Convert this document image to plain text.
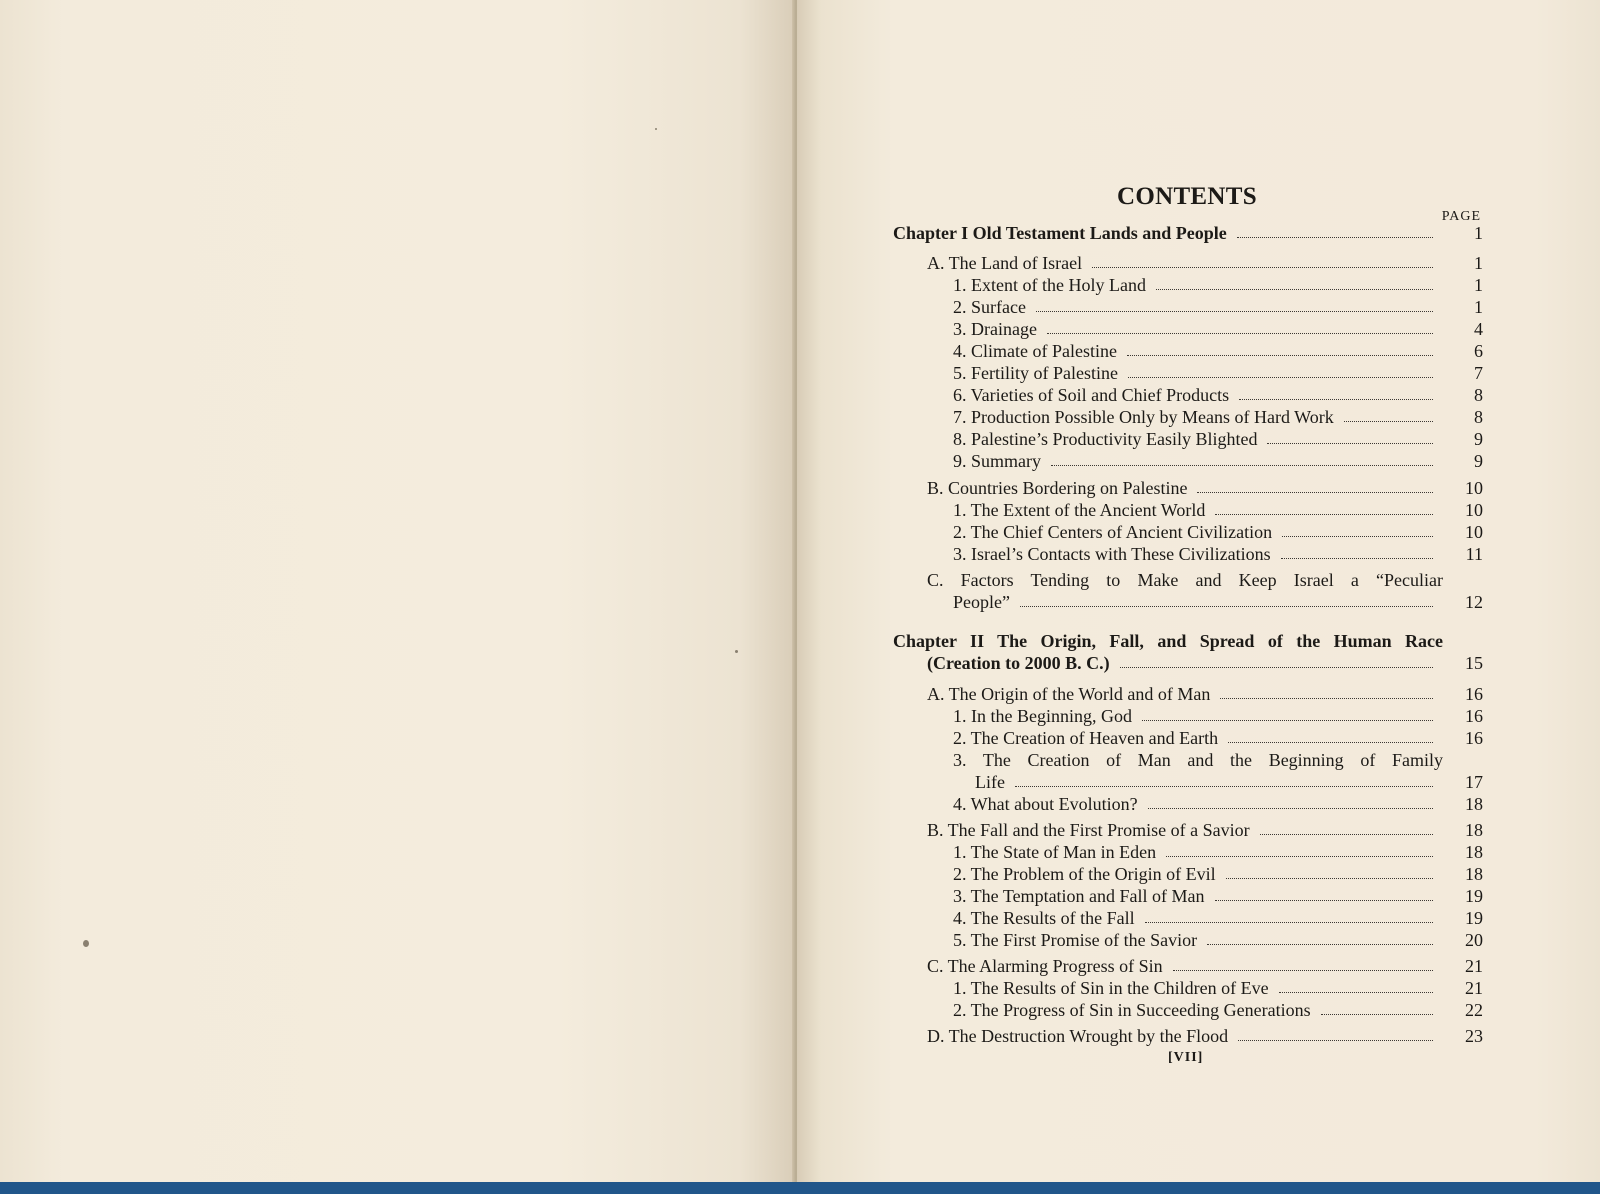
CONTENTS
PAGE
Chapter I Old Testament Lands and People	1
A. The Land of Israel	1
1. Extent of the Holy Land	1
2. Surface	1
3. Drainage	4
4. Climate of Palestine	6
5. Fertility of Palestine	7
6. Varieties of Soil and Chief Products	8
7. Production Possible Only by Means of Hard Work	8
8. Palestine’s Productivity Easily Blighted	9
9. Summary	9
B. Countries Bordering on Palestine	10
1. The Extent of the Ancient World	10
2. The Chief Centers of Ancient Civilization	10
3. Israel’s Contacts with These Civilizations	11
C. Factors Tending to Make and Keep Israel a “Peculiar
People”	12
Chapter II The Origin, Fall, and Spread of the Human Race
(Creation to 2000 B. C.)	15
A. The Origin of the World and of Man	16
1. In the Beginning, God	16
2. The Creation of Heaven and Earth	16
3. The Creation of Man and the Beginning of Family
Life	17
4. What about Evolution?	18
B. The Fall and the First Promise of a Savior	18
1. The State of Man in Eden	18
2. The Problem of the Origin of Evil	18
3. The Temptation and Fall of Man	19
4. The Results of the Fall	19
5. The First Promise of the Savior	20
C. The Alarming Progress of Sin	21
1. The Results of Sin in the Children of Eve	21
2. The Progress of Sin in Succeeding Generations	22
D. The Destruction Wrought by the Flood	23
[VII]
